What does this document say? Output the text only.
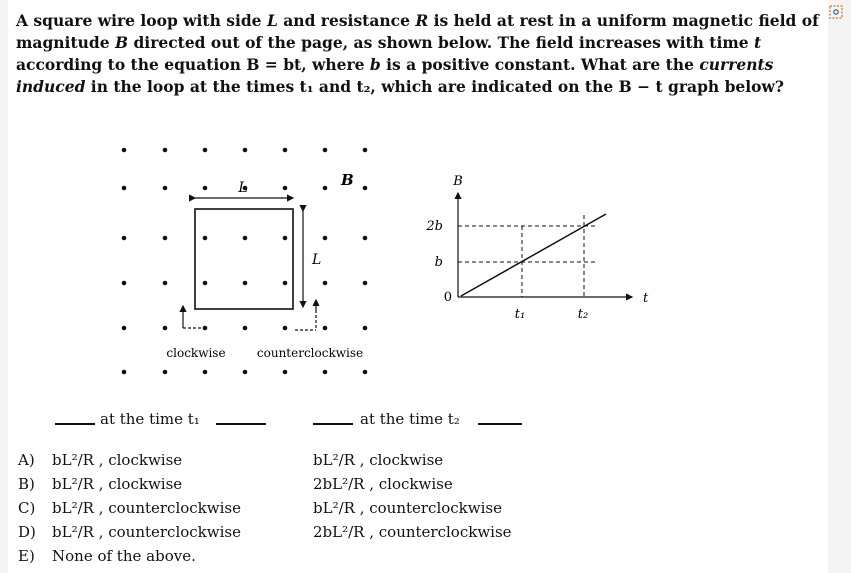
A square wire loop with side L and resistance R is held at rest in a uniform magnetic field of magnitude B directed out of the page, as shown below. The field increases with time t according to the equation B = bt, where b is a positive constant. What are the currents induced in the loop at the times t₁ and t₂, which are indicated on the B − t graph below?
L
L
B
clockwise	counterclockwise
B
t
2b
b
0
t₁	t₂
at the time t₁	at the time t₂
A) bL²/R , clockwise	bL²/R , clockwise
B) bL²/R , clockwise	2bL²/R , clockwise
C) bL²/R , counterclockwise	bL²/R , counterclockwise
D) bL²/R , counterclockwise	2bL²/R , counterclockwise
E) None of the above.
